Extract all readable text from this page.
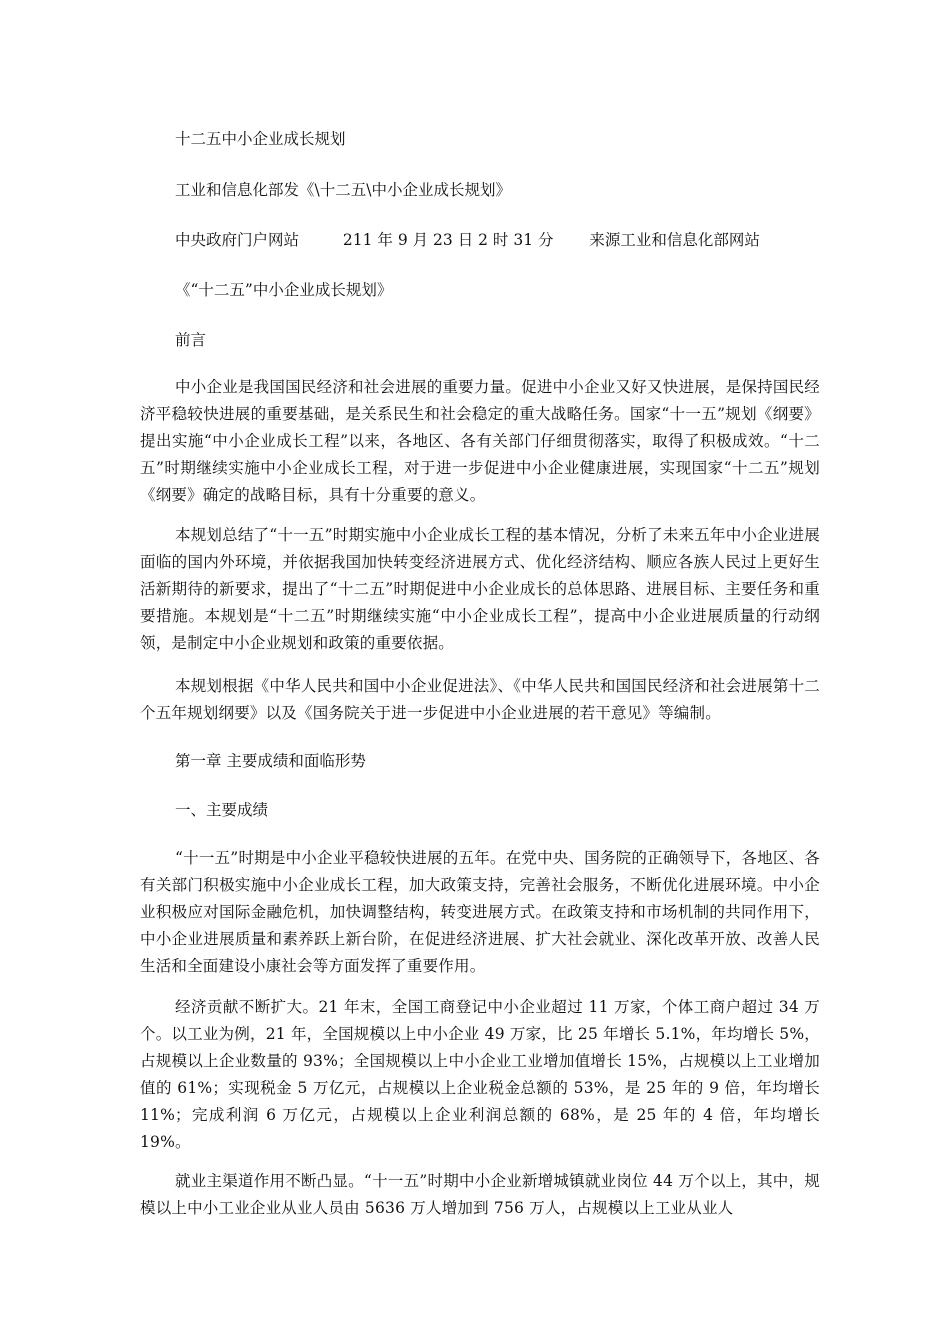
十二五中小企业成长规划
工业和信息化部发《\十二五\中小企业成长规划》
中央政府门户网站	211 年 9 月 23 日 2 时 31 分 来源工业和信息化部网站
《“十二五”中小企业成长规划》
前言
中小企业是我国国民经济和社会进展的重要力量。促进中小企业又好又快进展，是保持国民经济平稳较快进展的重要基础，是关系民生和社会稳定的重大战略任务。国家“十一五”规划《纲要》提出实施“中小企业成长工程”以来，各地区、各有关部门仔细贯彻落实，取得了积极成效。“十二五”时期继续实施中小企业成长工程，对于进一步促进中小企业健康进展，实现国家“十二五”规划《纲要》确定的战略目标，具有十分重要的意义。
本规划总结了“十一五”时期实施中小企业成长工程的基本情况，分析了未来五年中小企业进展面临的国内外环境，并依据我国加快转变经济进展方式、优化经济结构、顺应各族人民过上更好生活新期待的新要求，提出了“十二五”时期促进中小企业成长的总体思路、进展目标、主要任务和重要措施。本规划是“十二五”时期继续实施“中小企业成长工程”，提高中小企业进展质量的行动纲领，是制定中小企业规划和政策的重要依据。
本规划根据《中华人民共和国中小企业促进法》、《中华人民共和国国民经济和社会进展第十二个五年规划纲要》以及《国务院关于进一步促进中小企业进展的若干意见》等编制。
第一章 主要成绩和面临形势
一、主要成绩
“十一五”时期是中小企业平稳较快进展的五年。在党中央、国务院的正确领导下，各地区、各有关部门积极实施中小企业成长工程，加大政策支持，完善社会服务，不断优化进展环境。中小企业积极应对国际金融危机，加快调整结构，转变进展方式。在政策支持和市场机制的共同作用下，中小企业进展质量和素养跃上新台阶，在促进经济进展、扩大社会就业、深化改革开放、改善人民生活和全面建设小康社会等方面发挥了重要作用。
经济贡献不断扩大。21 年末，全国工商登记中小企业超过 11 万家，个体工商户超过 34 万个。以工业为例，21 年，全国规模以上中小企业 49 万家，比 25 年增长 5.1%，年均增长 5%，占规模以上企业数量的 93%；全国规模以上中小企业工业增加值增长 15%，占规模以上工业增加值的 61%；实现税金 5 万亿元，占规模以上企业税金总额的 53%，是 25 年的 9 倍，年均增长 11%；完成利润 6 万亿元，占规模以上企业利润总额的 68%，是 25 年的 4 倍，年均增长 19%。
就业主渠道作用不断凸显。“十一五”时期中小企业新增城镇就业岗位 44 万个以上，其中，规模以上中小工业企业从业人员由 5636 万人增加到 756 万人，占规模以上工业从业人
